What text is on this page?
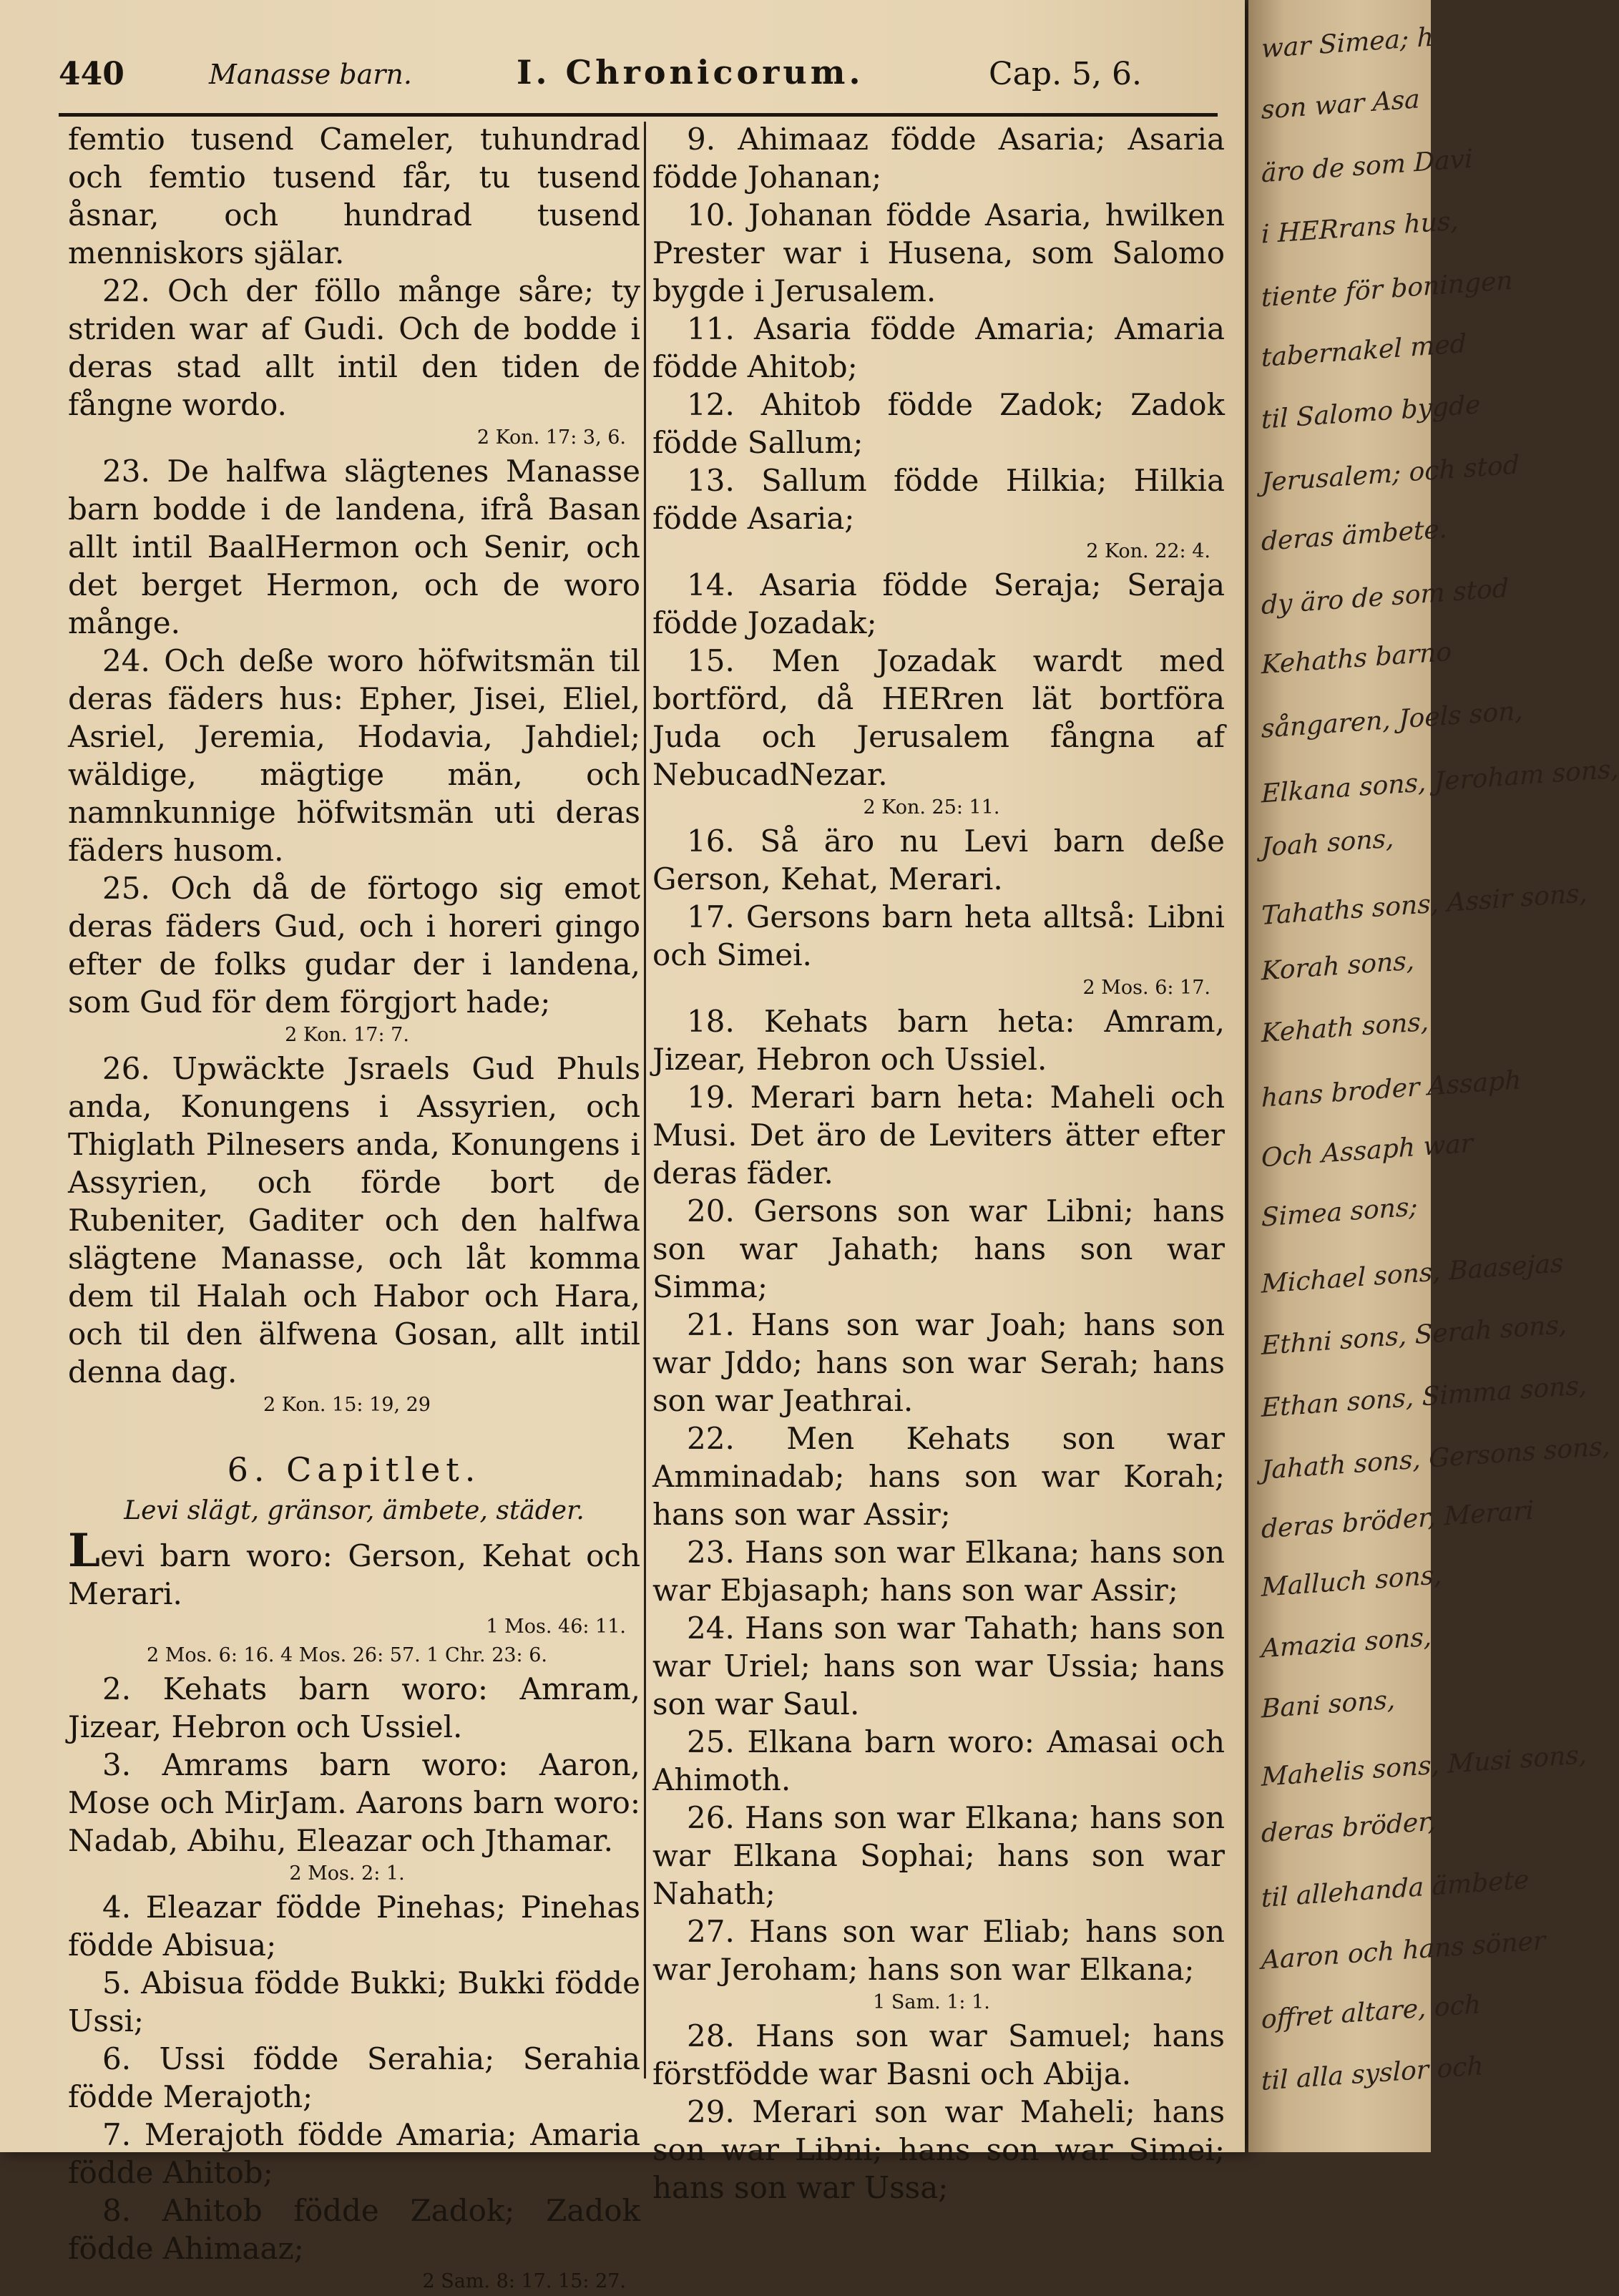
440	Manasse barn.	I. Chronicorum.	Cap. 5, 6.

femtio tusend Cameler, tuhundrad och femtio tusend får, tu tusend åsnar, och hundrad tusend menniskors själar.

22. Och der föllo månge såre; ty striden war af Gudi. Och de bodde i deras stad allt intil den tiden de fångne wordo.

2 Kon. 17: 3, 6.

23. De halfwa slägtenes Manasse barn bodde i de landena, ifrå Basan allt intil BaalHermon och Senir, och det berget Hermon, och de woro månge.

24. Och deße woro höfwitsmän til deras fäders hus: Epher, Jisei, Eliel, Asriel, Jeremia, Hodavia, Jahdiel; wäldige, mägtige män, och namnkunnige höfwitsmän uti deras fäders husom.

25. Och då de förtogo sig emot deras fäders Gud, och i horeri gingo efter de folks gudar der i landena, som Gud för dem förgjort hade;

2 Kon. 17: 7.

26. Upwäckte Jsraels Gud Phuls anda, Konungens i Assyrien, och Thiglath Pilnesers anda, Konungens i Assyrien, och förde bort de Rubeniter, Gaditer och den halfwa slägtene Manasse, och låt komma dem til Halah och Habor och Hara, och til den älfwena Gosan, allt intil denna dag.

2 Kon. 15: 19, 29
6. Capitlet.
Levi slägt, gränsor, ämbete, städer.

Levi barn woro: Gerson, Kehat och Merari.

1 Mos. 46: 11.
2 Mos. 6: 16. 4 Mos. 26: 57. 1 Chr. 23: 6.

2. Kehats barn woro: Amram, Jizear, Hebron och Ussiel.

3. Amrams barn woro: Aaron, Mose och MirJam. Aarons barn woro: Nadab, Abihu, Eleazar och Jthamar.

2 Mos. 2: 1.

4. Eleazar födde Pinehas; Pinehas födde Abisua;

5. Abisua födde Bukki; Bukki födde Ussi;

6. Ussi födde Serahia; Serahia födde Merajoth;

7. Merajoth födde Amaria; Amaria födde Ahitob;

8. Ahitob födde Zadok; Zadok födde Ahimaaz;

2 Sam. 8: 17. 15: 27.

9. Ahimaaz födde Asaria; Asaria födde Johanan;

10. Johanan födde Asaria, hwilken Prester war i Husena, som Salomo bygde i Jerusalem.

11. Asaria födde Amaria; Amaria födde Ahitob;

12. Ahitob födde Zadok; Zadok födde Sallum;

13. Sallum födde Hilkia; Hilkia födde Asaria;

2 Kon. 22: 4.

14. Asaria födde Seraja; Seraja födde Jozadak;

15. Men Jozadak wardt med bortförd, då HERren lät bortföra Juda och Jerusalem fångna af NebucadNezar.

2 Kon. 25: 11.

16. Så äro nu Levi barn deße Gerson, Kehat, Merari.

17. Gersons barn heta alltså: Libni och Simei.

2 Mos. 6: 17.

18. Kehats barn heta: Amram, Jizear, Hebron och Ussiel.

19. Merari barn heta: Maheli och Musi. Det äro de Leviters ätter efter deras fäder.

20. Gersons son war Libni; hans son war Jahath; hans son war Simma;

21. Hans son war Joah; hans son war Jddo; hans son war Serah; hans son war Jeathrai.

22. Men Kehats son war Amminadab; hans son war Korah; hans son war Assir;

23. Hans son war Elkana; hans son war Ebjasaph; hans son war Assir;

24. Hans son war Tahath; hans son war Uriel; hans son war Ussia; hans son war Saul.

25. Elkana barn woro: Amasai och Ahimoth.

26. Hans son war Elkana; hans son war Elkana Sophai; hans son war Nahath;

27. Hans son war Eliab; hans son war Jeroham; hans son war Elkana;

1 Sam. 1: 1.

28. Hans son war Samuel; hans förstfödde war Basni och Abija.

29. Merari son war Maheli; hans son war Libni; hans son war Simei; hans son war Ussa;

war Simea; h
son war Asa
äro de som Davi
i HERrans hus,
tiente för boningen
tabernakel med
til Salomo bygde
Jerusalem; och stod
deras ämbete.
dy äro de som stod
Kehaths barno
sångaren, Joels son,
Elkana sons, Jeroham sons,
Joah sons,
Tahaths sons, Assir sons,
Korah sons,
Kehath sons,
hans broder Assaph
Och Assaph war
Simea sons;
Michael sons, Baasejas
Ethni sons, Serah sons,
Ethan sons, Simma sons,
Jahath sons, Gersons sons,
deras bröder, Merari
Malluch sons,
Amazia sons,
Bani sons,
Mahelis sons, Musi sons,
deras bröder,
til allehanda ämbete
Aaron och hans söner
offret altare, och
til alla syslor och
